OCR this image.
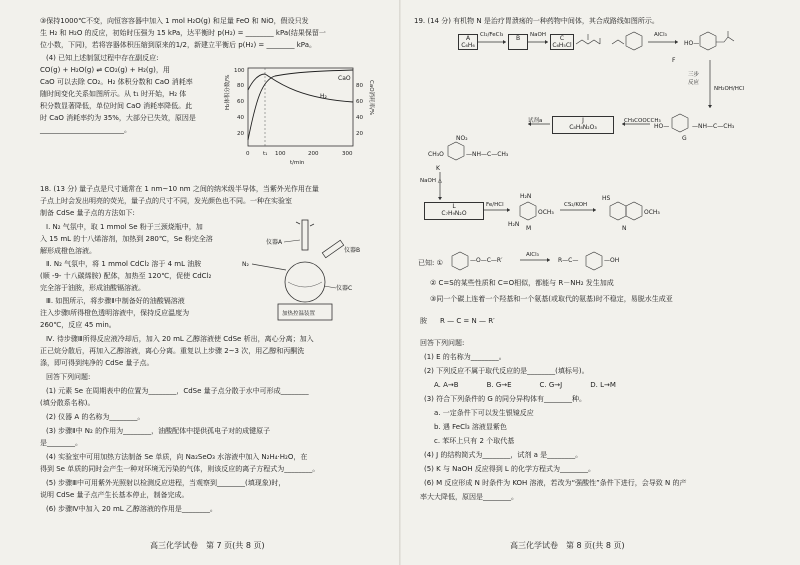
③保持1000℃不变，向恒容容器中加入 1 mol H₂O(g) 和足量 FeO 和 NiO，假设只发
生 H₂ 和 H₂O 的反应，初始时压强为 15 kPa，达平衡时 p(H₂) = ________ kPa(结果保留一
位小数，下同)，若将容器体积压缩到原来的1/2，新建立平衡后 p(H₂) = ________ kPa。
(4) 已知上述制氢过程中存在副反应:
CO(g) + H₂O(g) ⇌ CO₂(g) + H₂(g)，用
CaO 可以去除 CO₂。H₂ 体积分数和 CaO 消耗率
随时间变化关系如图所示。从 t₁ 时开始，H₂ 体
积分数显著降低，单位时间 CaO 消耗率降低。此
时 CaO 消耗率约为 35%，大部分已失效，原因是
________________________。
H₂体积分数/%	CaO消耗率/%
100
80
60
40
20
80
60
40
20
0 t₁ 100	200	300
t/min
CaO
H₂
18. (13 分) 量子点是尺寸通常在 1 nm~10 nm 之间的纳米级半导体，当紫外光作用在量
子点上时会发出明亮的荧光，量子点的尺寸不同，发光颜色也不同。一种在实验室
制备 CdSe 量子点的方法如下:
Ⅰ. N₂ 气氛中，取 1 mmol Se 粉于三颈烧瓶中，加
入 15 mL 的十八烯溶剂，加热到 280℃，Se 粉完全溶
解形成橙色溶液。
Ⅱ. N₂ 气氛中，将 1 mmol CdCl₂ 溶于 4 mL 油胺
(顺 -9- 十八碳烯胺) 配体，加热至 120℃，促使 CdCl₂
完全溶于油胺，形成油酸镉溶液。
Ⅲ. 如图所示，将步骤Ⅱ中制备好的油酸镉溶液
注入步骤Ⅰ所得橙色透明溶液中，保持反应温度为
260℃，反应 45 min。
Ⅳ. 待步骤Ⅲ所得反应液冷却后，加入 20 mL 乙醇溶液使 CdSe 析出，离心分离；加入
正己烷分散后，再加入乙醇溶液，离心分离。重复以上步骤 2~3 次，用乙醇和丙酮洗
涤，即可得到纯净的 CdSe 量子点。
回答下列问题:
(1) 元素 Se 在周期表中的位置为________，CdSe 量子点分散于水中可形成________
(填分散系名称)。
(2) 仪器 A 的名称为________。
(3) 步骤Ⅱ中 N₂ 的作用为________，油酸配体中提供孤电子对的成键原子
是________。
(4) 实验室中可用加热方法制备 Se 单质，向 Na₂SeO₃ 水溶液中加入 N₂H₄·H₂O，在
得到 Se 单质的同时会产生一种对环境无污染的气体，则该反应的离子方程式为________。
(5) 步骤Ⅲ中可用紫外光照射以检测反应进程，当观察到________(填现象)时，
说明 CdSe 量子点产生长基本停止，制备完成。
(6) 步骤Ⅳ中加入 20 mL 乙醇溶液的作用是________。
仪器A
N₂
仪器B
仪器C
加热控温装置
高三化学试卷　第 7 页(共 8 页)
19. (14 分) 有机物 N 是治疗胃溃疡的一种药物中间体，其合成路线如图所示。
A
C₆H₆
Cl₂/FeCl₃	B	NaOH	C
C₆H₅Cl
AlCl₃
HO—
HO—	—NH—C—CH₃
CH₃O	—NH—C—CH₃
NO₂
H₂N
H₂N
OCH₃
HS
OCH₃
—O—C—R′	R—C—	—OH
F
三步
反应
NH₂OH/HCl
G
CH₃COOCCH₃
J
C₈H₈N₂O₃
试剂a
K
NaOH △
L
C₇H₉N₂O
Fe/HCl
M
CS₂/KOH
N
已知: ①
AlCl₃
② C=S的某些性质和 C=O相似，都能与 R－NH₂ 发生加成
③同一个碳上连着一个羟基和一个氨基(或取代的氨基)时不稳定，易脱水生成亚
胺 R — C = N — R′
回答下列问题:
(1) E 的名称为________。
(2) 下列反应不属于取代反应的是________(填标号)。
A. A→B　　　　B. G→E　　　　C. G→J　　　　D. L→M
(3) 符合下列条件的 G 的同分异构体有________种。
a. 一定条件下可以发生银镜反应
b. 遇 FeCl₃ 溶液显紫色
c. 苯环上只有 2 个取代基
(4) J 的结构简式为________，试剂 a 是________。
(5) K 与 NaOH 反应得到 L 的化学方程式为________。
(6) M 反应形成 N 时条件为 KOH 溶液，若改为“强酸性”条件下进行，会导致 N 的产
率大大降低，原因是________。
高三化学试卷　第 8 页(共 8 页)
